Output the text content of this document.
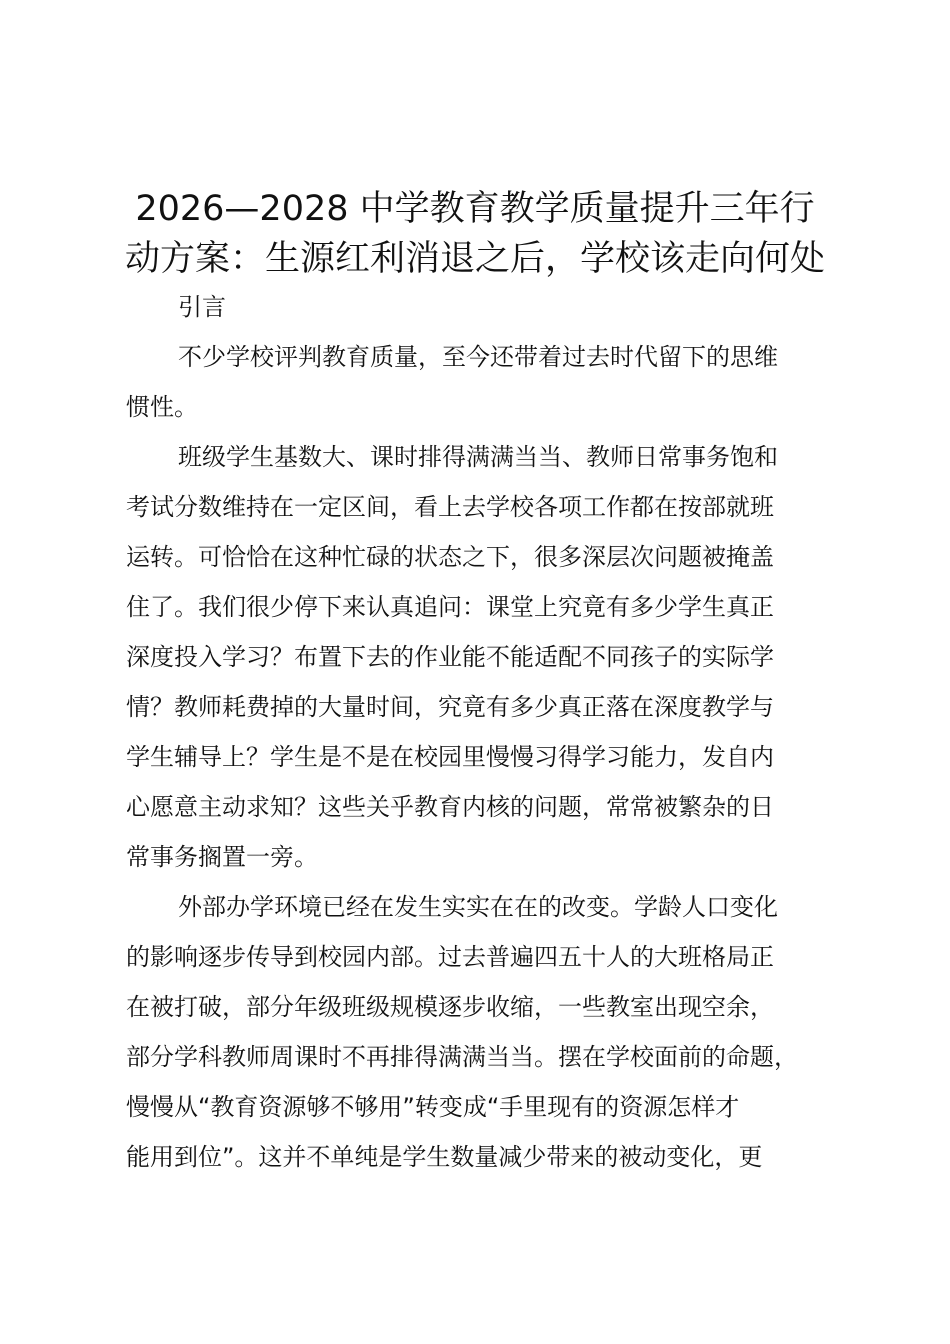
2026—2028 中学教育教学质量提升三年行
动方案：生源红利消退之后，学校该走向何处
引言
不少学校评判教育质量，至今还带着过去时代留下的思维
惯性。
班级学生基数大、课时排得满满当当、教师日常事务饱和
考试分数维持在一定区间，看上去学校各项工作都在按部就班
运转。可恰恰在这种忙碌的状态之下，很多深层次问题被掩盖
住了。我们很少停下来认真追问：课堂上究竟有多少学生真正
深度投入学习？布置下去的作业能不能适配不同孩子的实际学
情？教师耗费掉的大量时间，究竟有多少真正落在深度教学与
学生辅导上？学生是不是在校园里慢慢习得学习能力，发自内
心愿意主动求知？这些关乎教育内核的问题，常常被繁杂的日
常事务搁置一旁。
外部办学环境已经在发生实实在在的改变。学龄人口变化
的影响逐步传导到校园内部。过去普遍四五十人的大班格局正
在被打破，部分年级班级规模逐步收缩，一些教室出现空余，
部分学科教师周课时不再排得满满当当。摆在学校面前的命题，
慢慢从“教育资源够不够用”转变成“手里现有的资源怎样才
能用到位”。这并不单纯是学生数量减少带来的被动变化，更
